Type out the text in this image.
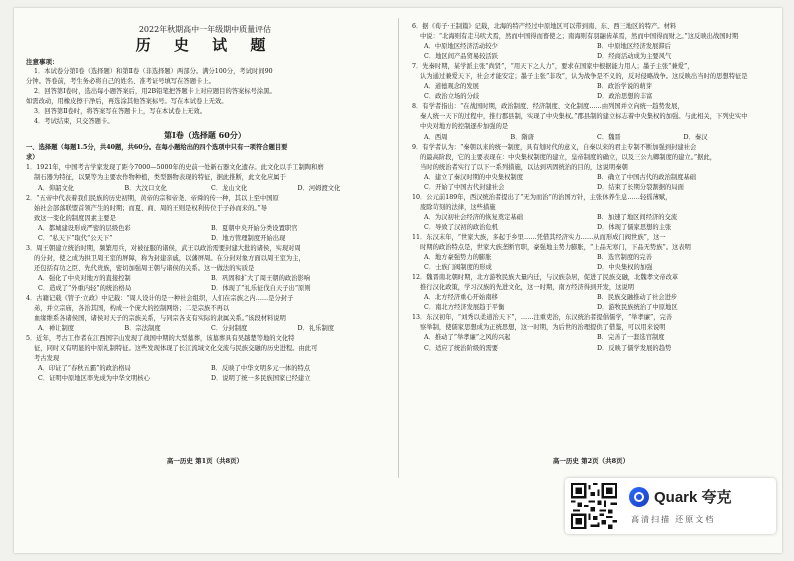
2022年秋期高中一年级期中质量评估
历 史 试 题
注意事项：

1．本试卷分第Ⅰ卷（选择题）和第Ⅱ卷（非选择题）两部分。满分100分，考试时间90

分钟。答卷前，考生务必将自己的姓名、准考证号填写在答题卡上。

2．回答第Ⅰ卷时，选出每小题答案后，用2B铅笔把答题卡上对应题目的答案标号涂黑。

如需改动，用橡皮擦干净后，再选涂其他答案标号。写在本试卷上无效。

3．回答第Ⅱ卷时，将答案写在答题卡上，写在本试卷上无效。

4．考试结束，只交答题卡。

第Ⅰ卷（选择题 60分）

一、选择题（每题1.5分，共40题，共60分。在每小题给出的四个选项中只有一项符合题目要

求）

1．1921年，中国考古学家发现了距今7000—5000年的史前一处新石器文化遗存。此文化以手工制陶和磨

制石器为特征，以粟等为主要农作物种植，类型器物表现的特征，据此推断，此文化应属于

A．仰韶文化	B．大汶口文化	C．龙山文化	D．河姆渡文化

2．“五帝中代表着我们民族的历史初期，黄帝的宗和帝尧、帝舜的传一种，其以上至中国原

始社会部落联盟首领产生的时期；而夏、商、周的王则是权利传位于子孙而来的。”导

致这一变化的制度因素主要是

A．都城建设形成严密的层级色彩	B．夏朝中央开始分类设置职官
C．“私天下”取代“公天下”	D．地方管理制度开始出现

3．周王朝建立统治时期，频繁用兵，对被征服的诸侯，武王以政治需要封建大批的诸侯，实现对周

的分封，使之成为拱卫周王室的屏障，称为封建亲戚，以藩屏周。在分封对象方面以周王室为主，

还包括有功之臣、先代贵族，密切加强周王朝与诸侯的关系。这一做法的实质是

A．强化了中央对地方的直接控制	B．巩固和扩大了周王朝的政治影响
C．造成了“外重内轻”的统治格局	D．体现了“礼乐征伐自天子出”原则

4．古籍记载《管子·立政》中记载：“周人设计的是一种社会组织，人们在宗族之内……是分封子

弟，并立宗庙，各治其国，构成一个庞大的控制网络；二是宗族不再以

血缘维系各诸侯国，诸侯对天子的宗族关系，与同宗各支有实际的隶属关系。”该段材料说明

A．禅让制度	B．宗法制度	C．分封制度	D．礼乐制度

5．近年，考古工作者在江西国字山发现了战国中期的大型墓葬，该墓葬具有吴越楚等地的文化特

征，同时又有明显的中原礼制特征。这些发现体现了长江流域文化交流与民族交融的历史进程。由此可

考古发现

A．印证了“春秋五霸”的政治格局	B．反映了中华文明多元一体的特点
C．证明中原地区率先成为中华文明核心	D．说明了统一多民族国家已经建立

6．据《荀子·王制篇》记载，北海的特产经过中原地区可以带到南、东、西三地区的特产。材料

中说：“北海则有走马吠犬焉，然而中国得而畜使之；南海则有羽翮齿革焉，然而中国得而财之。”这反映出战国时期

A．中原地区经济活动较少	B．中原地区经济发展滞后
C．地区间产品贸易较活跃	D．经商活动成为主要风气

7．先秦时期，某学派主张“尚贤”，“用天下之人力”，要求在国家中根据能力用人；墨子主张“兼爱”，

认为通过兼爱天下，社会才能安定；墨子主张“非攻”，认为战争是不义的，反对侵略战争。这反映出当时的思想特征是

A．道德观念的发展	B．政治学说的萌芽
C．政治立场的分歧	D．政治思想的丰富

8．有学者指出：“在战国时期，政治制度、经济制度、文化制度……由列国并立向统一趋势发展，

秦人统一天下的过程中，推行郡县制，实现了中央集权。”郡县制的建立标志着中央集权的加强。与此相关，下列史实中

中央对地方的控制逐步加强的是

A．西周	B．隋唐	C．魏晋	D．秦汉

9．有学者认为：“秦朝以来的统一制度，具有划时代的意义，自秦以来的君主专制不断加强到封建社会

的最高阶段，它的主要表现在：中央集权制度的建立，皇帝制度的确立，以及三公九卿制度的建立。”据此，

当时的统治者实行了以下一系列措施，以达到巩固统治的目的，这说明秦朝

A．建立了秦汉时期的中央集权制度	B．确立了中国古代的政治制度基础
C．开始了中国古代封建社会	D．结束了长期分裂割据的局面

10．公元前189年，西汉统治者提出了“无为而治”的治国方针，主张休养生息……轻徭薄赋，

废除苛刻的法律，这些措施

A．为汉初社会经济的恢复奠定基础	B．加速了地区间经济的交流
C．导致了汉初的政治危机	D．体现了儒家思想的主张

11．东汉末年，“世家大族，多起于乡里……凭借其经济实力……从而形成门阀世族”，这一

时期的政治特点是，世家大族垄断官职，豪强地主势力膨胀，“上品无寒门，下品无势族”。这表明

A．地方豪强势力的膨胀	B．选官制度的完善
C．士族门阀制度的形成	D．中央集权的加强

12．魏晋南北朝时期，北方游牧民族大量内迁，与汉族杂居，促进了民族交融，北魏孝文帝改革

推行汉化政策，学习汉族的先进文化，这一时期，南方经济得到开发，这说明

A．北方经济重心开始南移	B．民族交融推动了社会进步
C．南北方经济发展趋于平衡	D．游牧民族统治了中原地区

13．东汉初年，“刘秀以柔道治天下”，……注重吏治，东汉统治者提倡儒学，“举孝廉”，完善

察举制，使儒家思想成为正统思想，这一时期，为后世的治理提供了借鉴，可以用来说明

A．推动了“举孝廉”之风的兴起	B．完善了一套选官制度
C．适应了统治阶级的需要	D．反映了儒学发展的趋势
高一历史 第1页（共8页）	高一历史 第2页（共8页）
Quark 夸克
高清扫描 还原文档
